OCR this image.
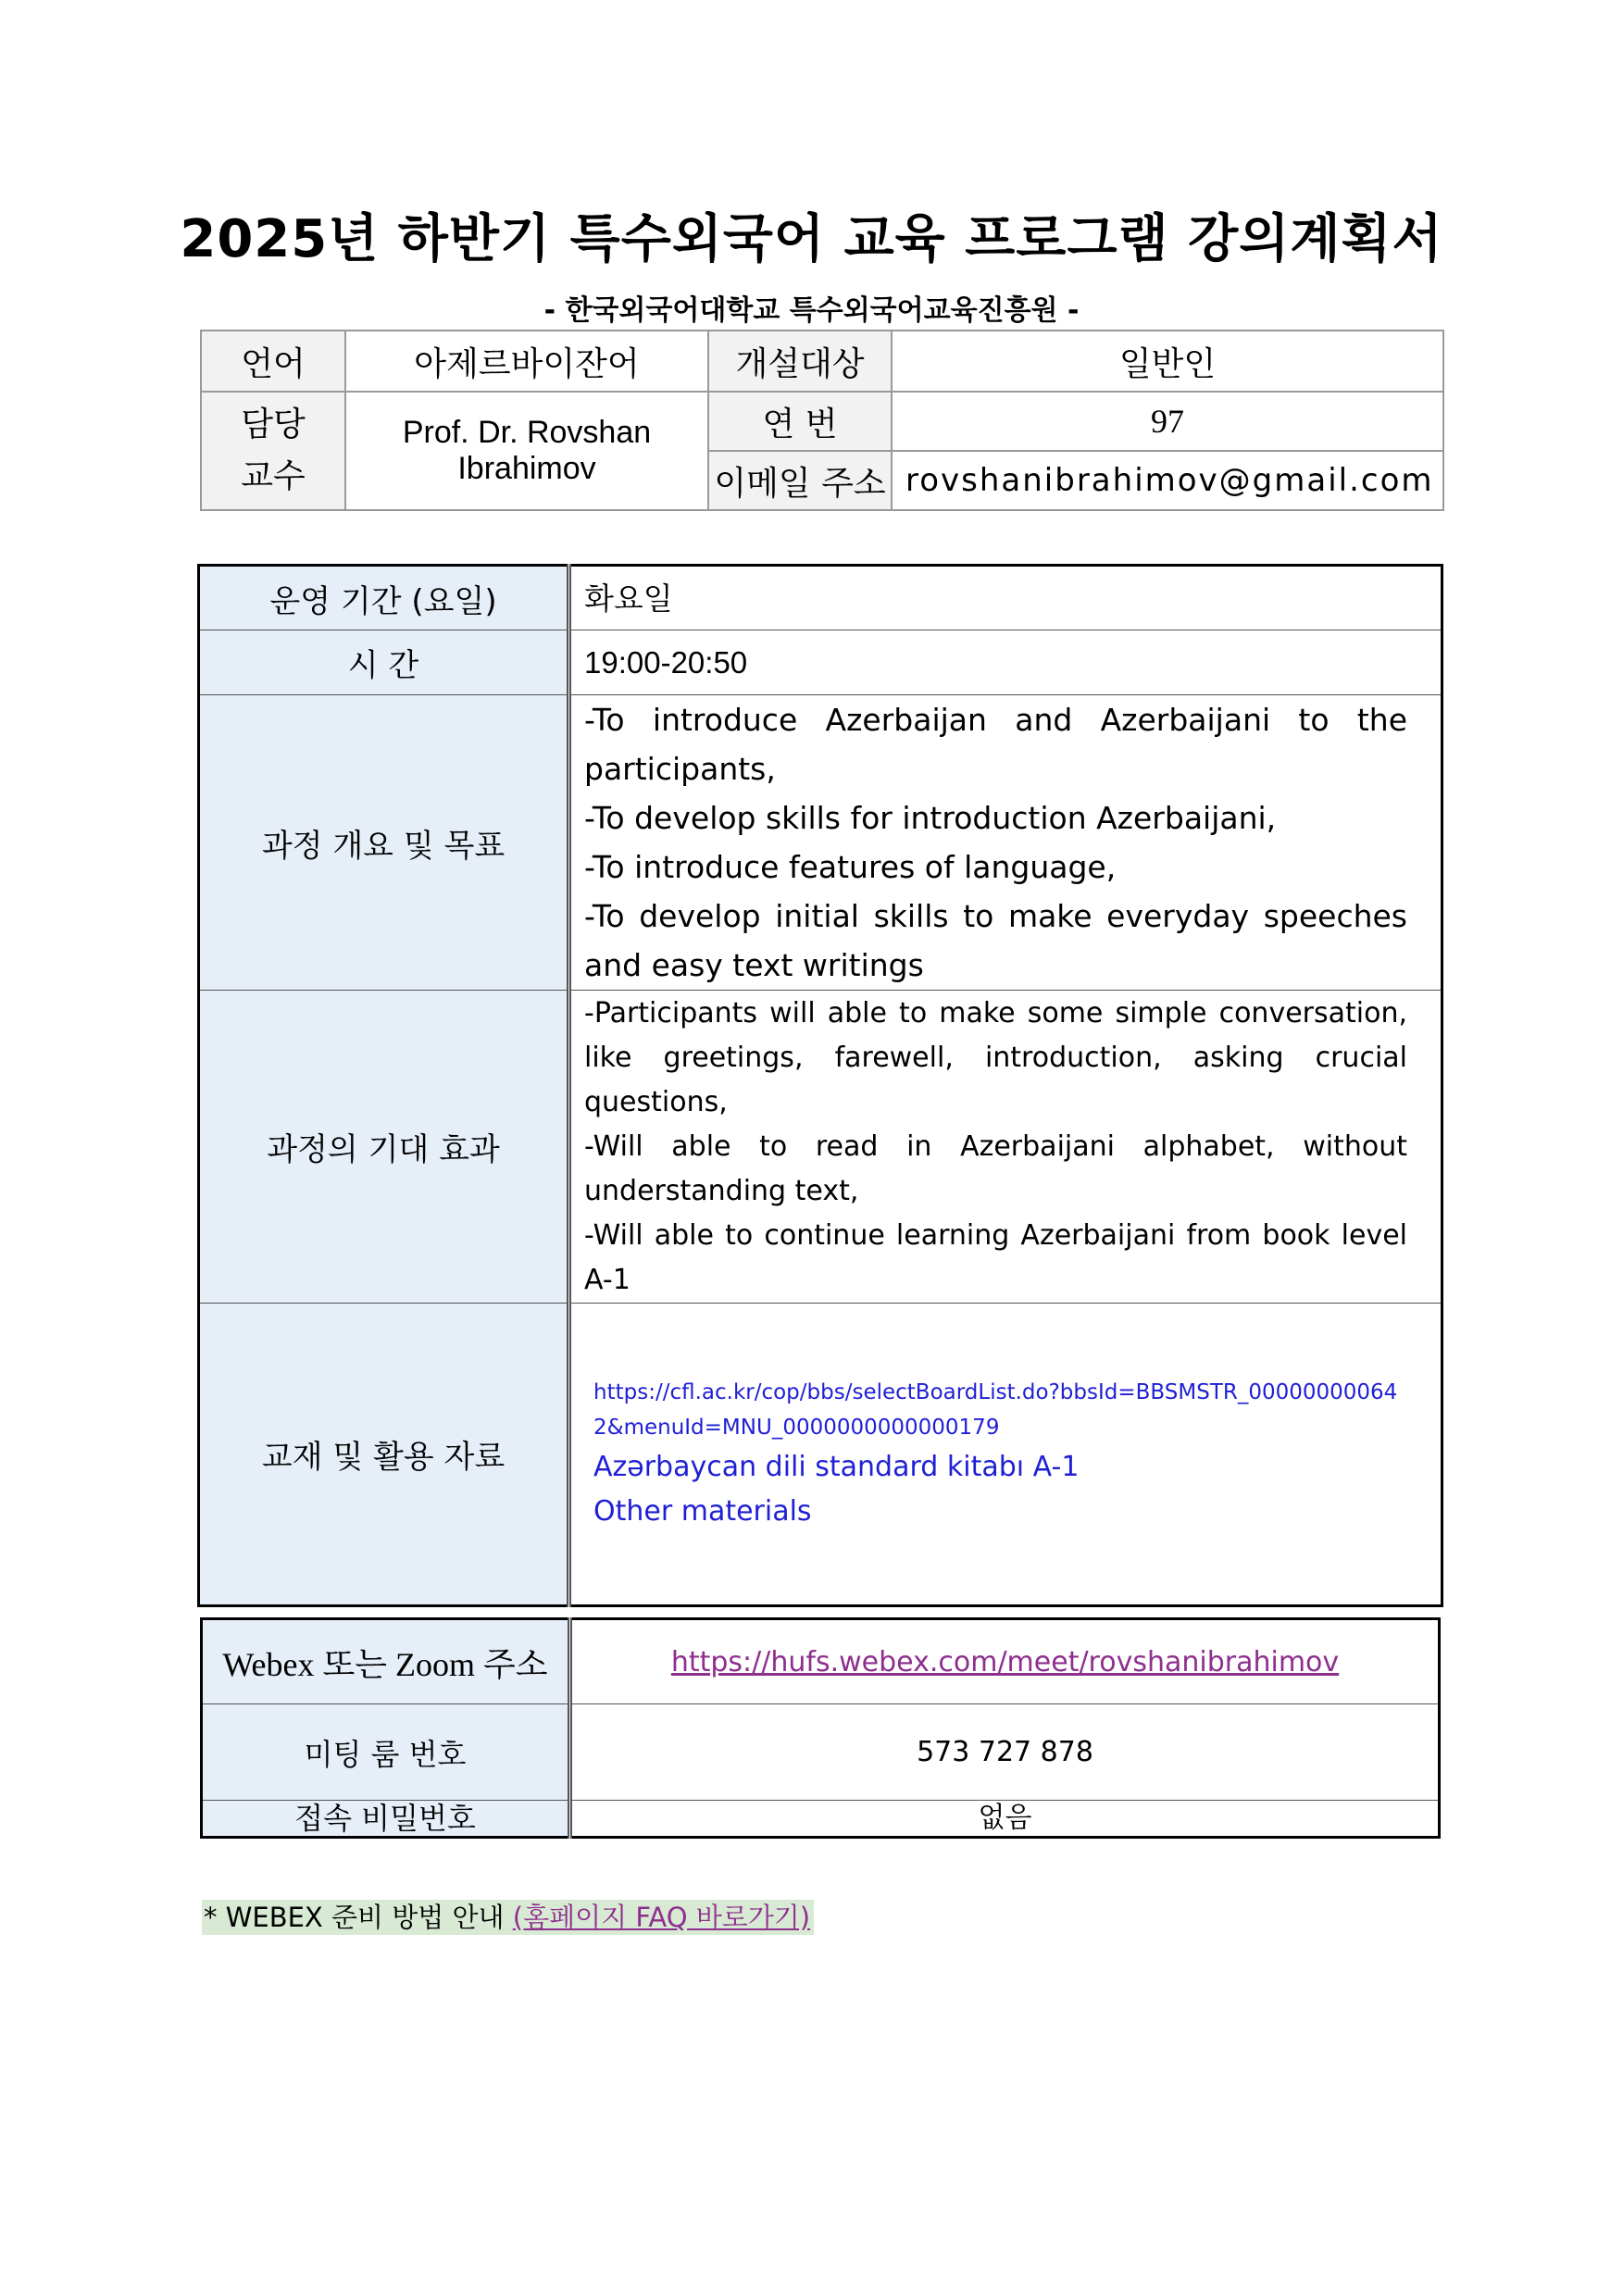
2025년 하반기 특수외국어 교육 프로그램 강의계획서
- 한국외국어대학교 특수외국어교육진흥원 -
언어	아제르바이잔어	개설대상	일반인

담당
교수	Prof. Dr. Rovshan Ibrahimov	연 번	97
		이메일 주소	rovshanibrahimov@gmail.com
운영 기간 (요일)	화요일
시 간	19:00-20:50
과정 개요 및 목표	-To introduce Azerbaijan and Azerbaijani to the participants,

-To develop skills for introduction Azerbaijani,

-To introduce features of language,

-To develop initial skills to make everyday speeches and easy text writings

과정의 기대 효과	-Participants will able to make some simple conversation, like greetings, farewell, introduction, asking crucial questions,

-Will able to read in Azerbaijani alphabet, without understanding text,

-Will able to continue learning Azerbaijani from book level A-1

교재 및 활용 자료	https://cfl.ac.kr/cop/bbs/selectBoardList.do?bbsId=BBSMSTR_000000000642&menuId=MNU_0000000000000179
Azərbaycan dili standard kitabı A-1
Other materials
Webex 또는 Zoom 주소	https://hufs.webex.com/meet/rovshanibrahimov
미팅 룸 번호	573 727 878
접속 비밀번호	없음
* WEBEX 준비 방법 안내 (홈페이지 FAQ 바로가기)
